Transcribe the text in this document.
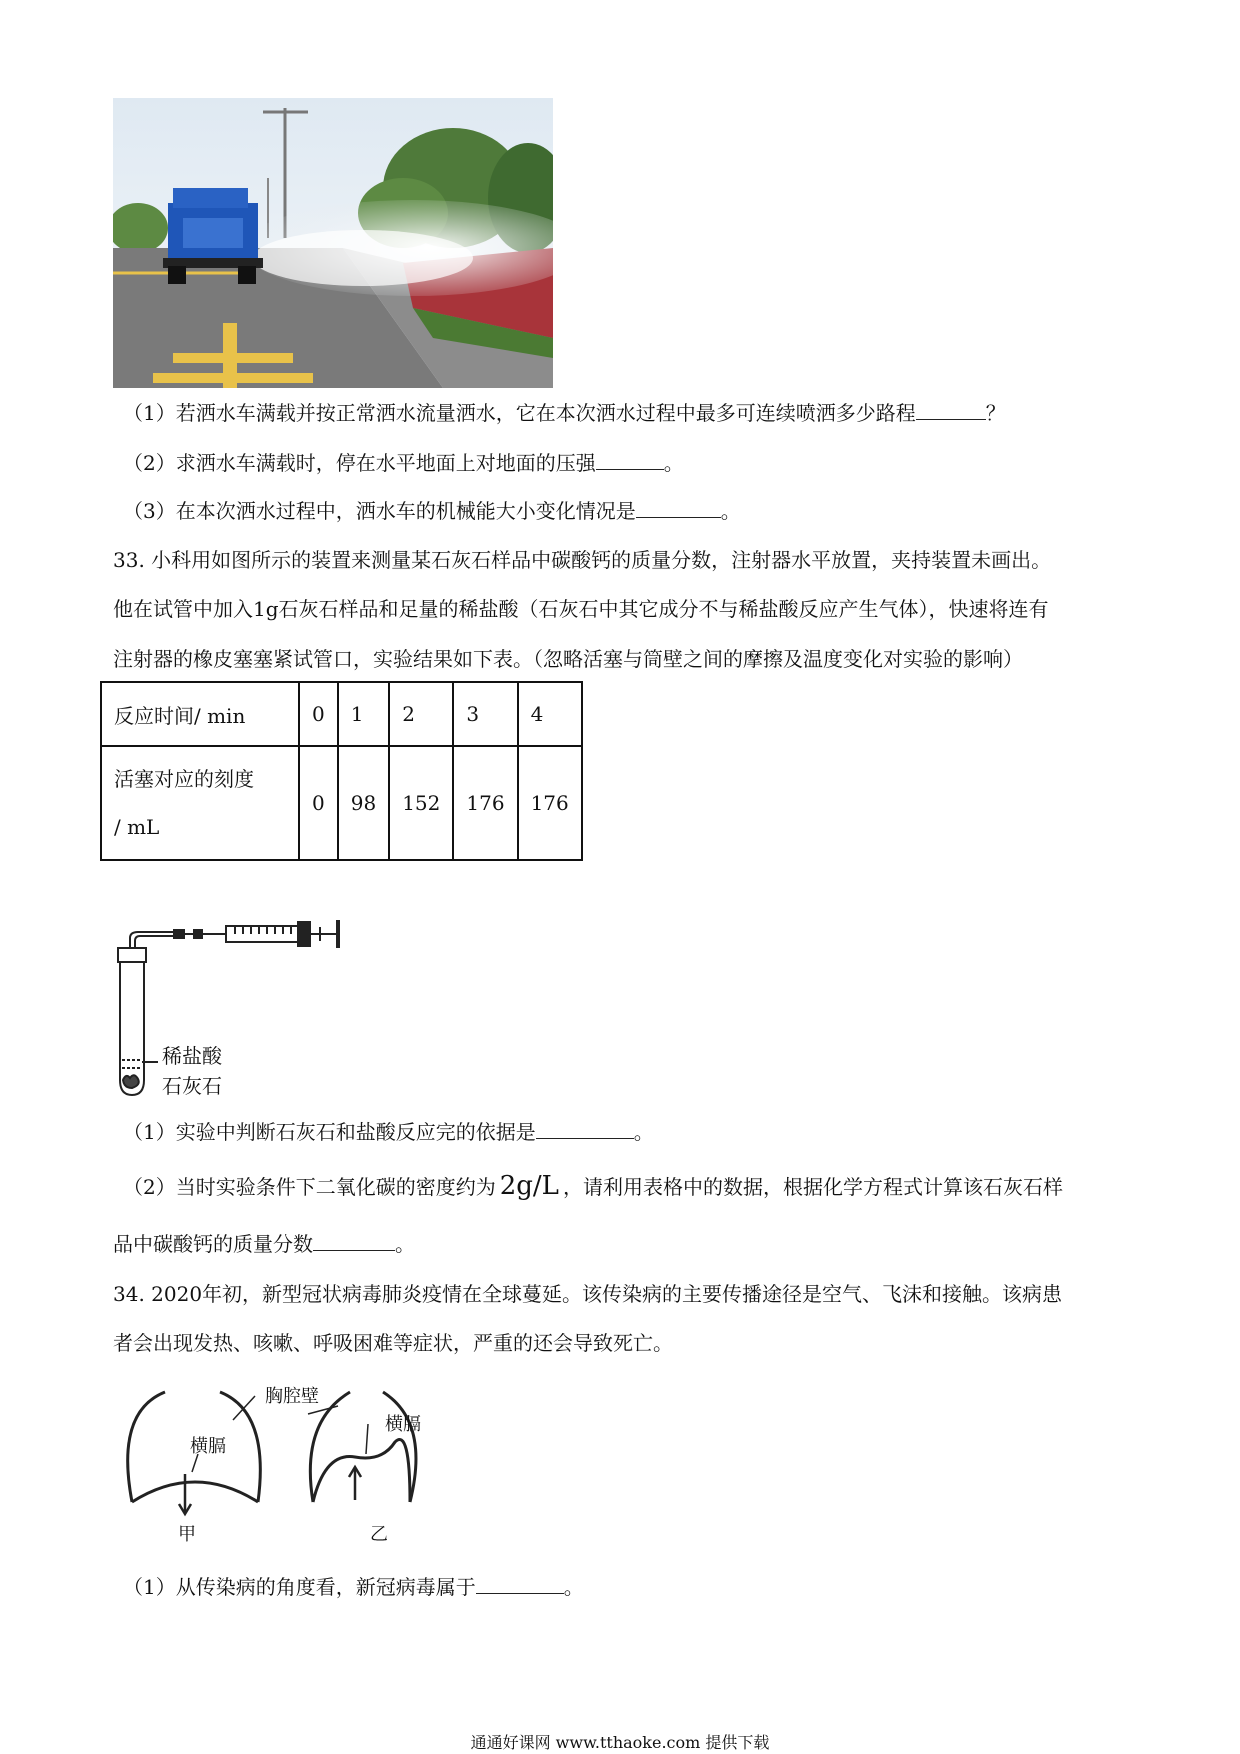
（1）若洒水车满载并按正常洒水流量洒水，它在本次洒水过程中最多可连续喷洒多少路程	？
（2）求洒水车满载时，停在水平地面上对地面的压强	。
（3）在本次洒水过程中，洒水车的机械能大小变化情况是	。
33. 小科用如图所示的装置来测量某石灰石样品中碳酸钙的质量分数，注射器水平放置，夹持装置未画出。
他在试管中加入1g石灰石样品和足量的稀盐酸（石灰石中其它成分不与稀盐酸反应产生气体），快速将连有
注射器的橡皮塞塞紧试管口，实验结果如下表。（忽略活塞与筒壁之间的摩擦及温度变化对实验的影响）
反应时间/ min	0	1	2	3	4

活塞对应的刻度
/ mL	0	98	152	176	176
稀盐酸
石灰石
（1）实验中判断石灰石和盐酸反应完的依据是	。
（2）当时实验条件下二氧化碳的密度约为 2g/L ，请利用表格中的数据，根据化学方程式计算该石灰石样
品中碳酸钙的质量分数	。
34. 2020年初，新型冠状病毒肺炎疫情在全球蔓延。该传染病的主要传播途径是空气、飞沫和接触。该病患
者会出现发热、咳嗽、呼吸困难等症状，严重的还会导致死亡。
胸腔壁
横膈
横膈
甲	乙
（1）从传染病的角度看，新冠病毒属于	。
通通好课网 www.tthaoke.com 提供下载
